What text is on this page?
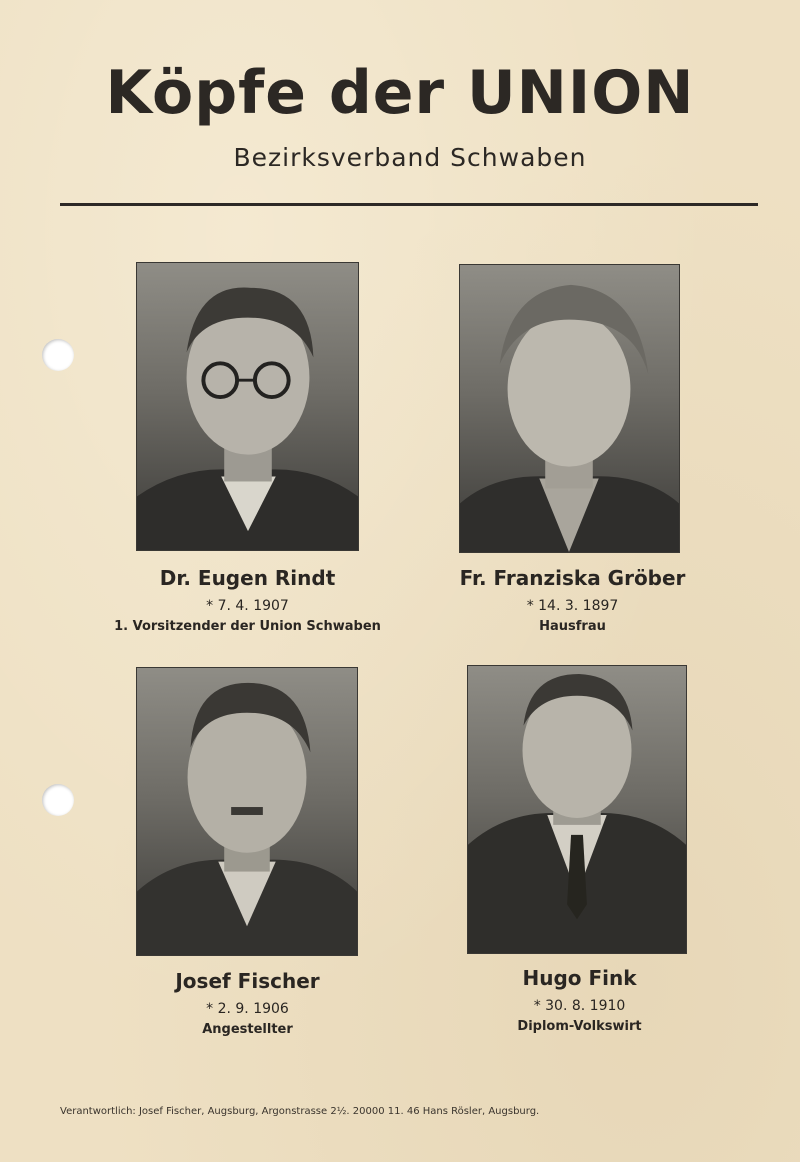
Köpfe der UNION
Bezirksverband Schwaben
Dr. Eugen Rindt
* 7. 4. 1907
1. Vorsitzender der Union Schwaben
Fr. Franziska Gröber
* 14. 3. 1897
Hausfrau
Josef Fischer
* 2. 9. 1906
Angestellter
Hugo Fink
* 30. 8. 1910
Diplom-Volkswirt
Verantwortlich: Josef Fischer, Augsburg, Argonstrasse 2½. 20000 11. 46 Hans Rösler, Augsburg.
